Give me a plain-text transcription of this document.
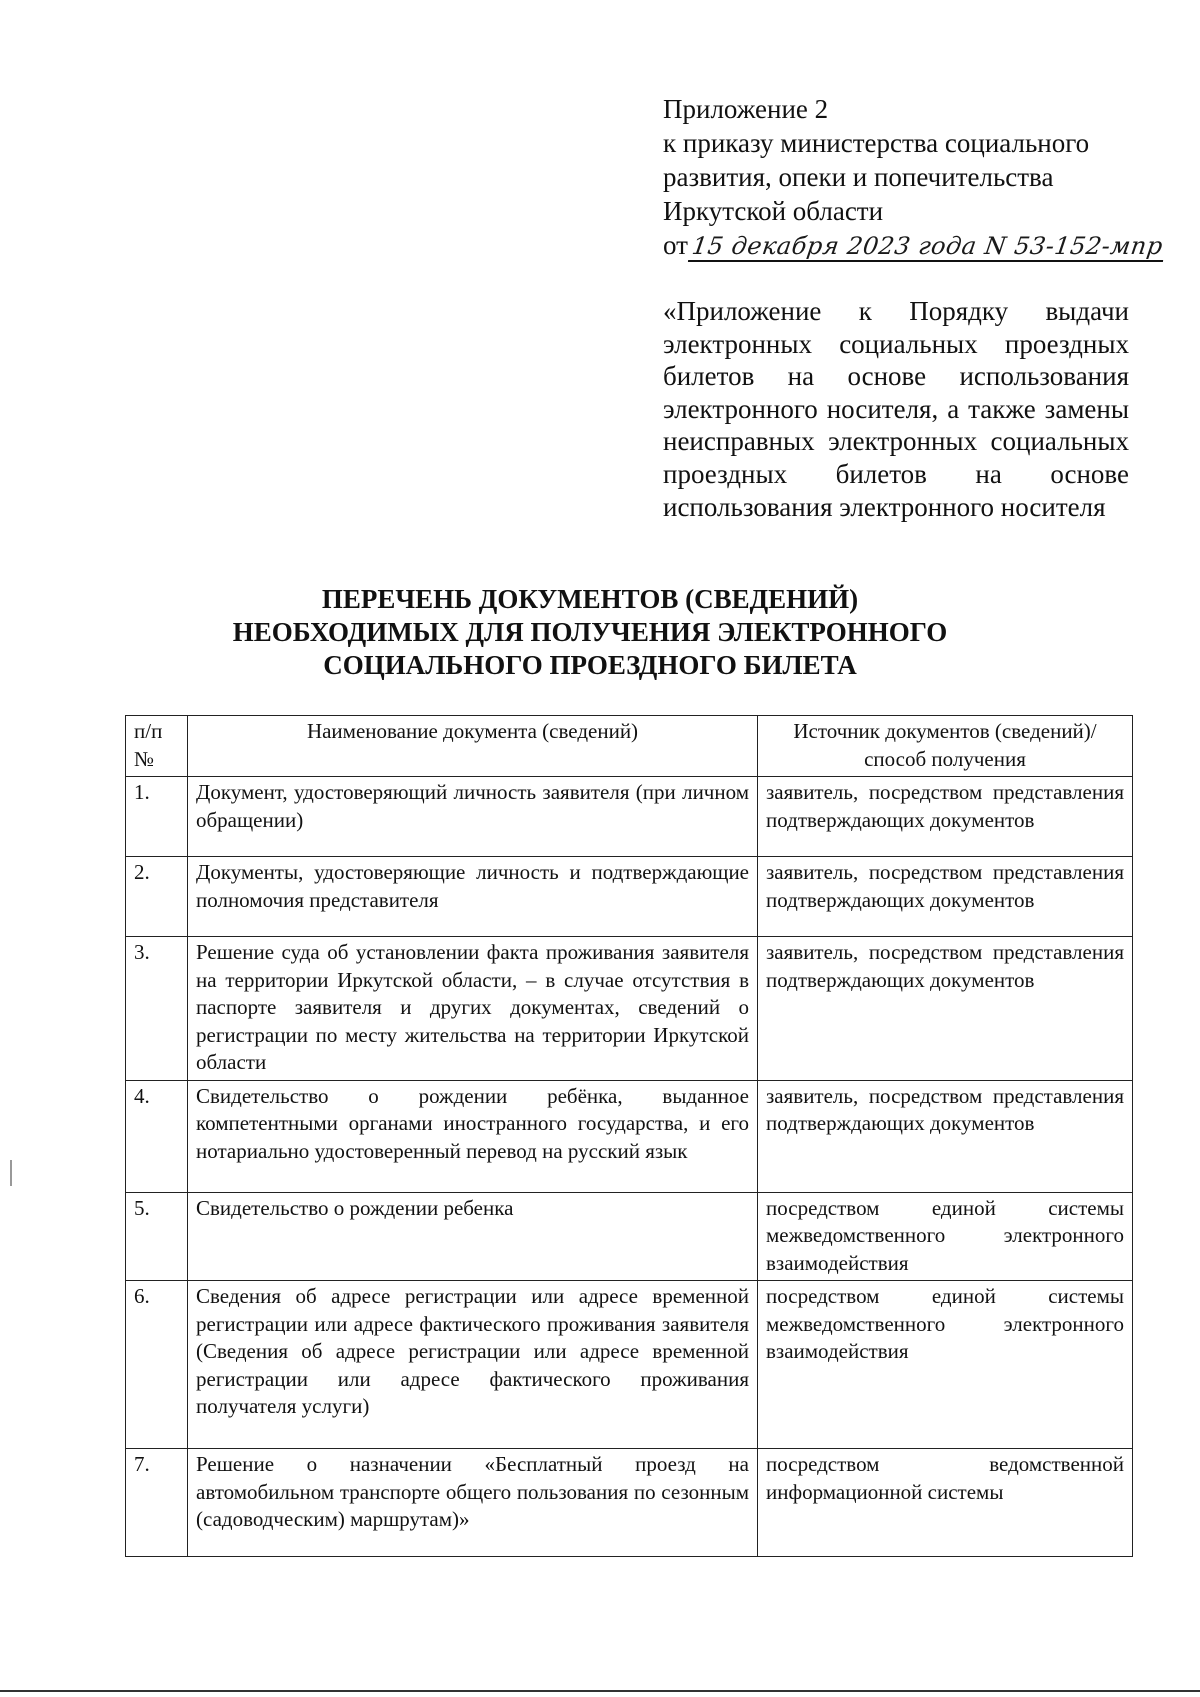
Приложение 2
к приказу министерства социального
развития, опеки и попечительства
Иркутской области
от 15 декабря 2023 года N 53-152-мпр
«Приложение к Порядку выдачи электронных социальных проездных билетов на основе использования электронного носителя, а также замены неисправных электронных социальных проездных билетов на основе использования электронного носителя
ПЕРЕЧЕНЬ ДОКУМЕНТОВ (СВЕДЕНИЙ)
НЕОБХОДИМЫХ ДЛЯ ПОЛУЧЕНИЯ ЭЛЕКТРОННОГО
СОЦИАЛЬНОГО ПРОЕЗДНОГО БИЛЕТА
п/п №	Наименование документа (сведений)	Источник документов (сведений)/способ получения
1.	Документ, удостоверяющий личность заявителя (при личном обращении)	заявитель, посредством представления подтверждающих документов
2.	Документы, удостоверяющие личность и подтверждающие полномочия представителя	заявитель, посредством представления подтверждающих документов
3.	Решение суда об установлении факта проживания заявителя на территории Иркутской области, – в случае отсутствия в паспорте заявителя и других документах, сведений о регистрации по месту жительства на территории Иркутской области	заявитель, посредством представления подтверждающих документов
4.	Свидетельство о рождении ребёнка, выданное компетентными органами иностранного государства, и его нотариально удостоверенный перевод на русский язык	заявитель, посредством представления подтверждающих документов
5.	Свидетельство о рождении ребенка	посредством единой системы межведомственного электронного взаимодействия
6.	Сведения об адресе регистрации или адресе временной регистрации или адресе фактического проживания заявителя (Сведения об адресе регистрации или адресе временной регистрации или адресе фактического проживания получателя услуги)	посредством единой системы межведомственного электронного взаимодействия
7.	Решение о назначении «Бесплатный проезд на автомобильном транспорте общего пользования по сезонным (садоводческим) маршрутам)»	посредством ведомственной информационной системы
